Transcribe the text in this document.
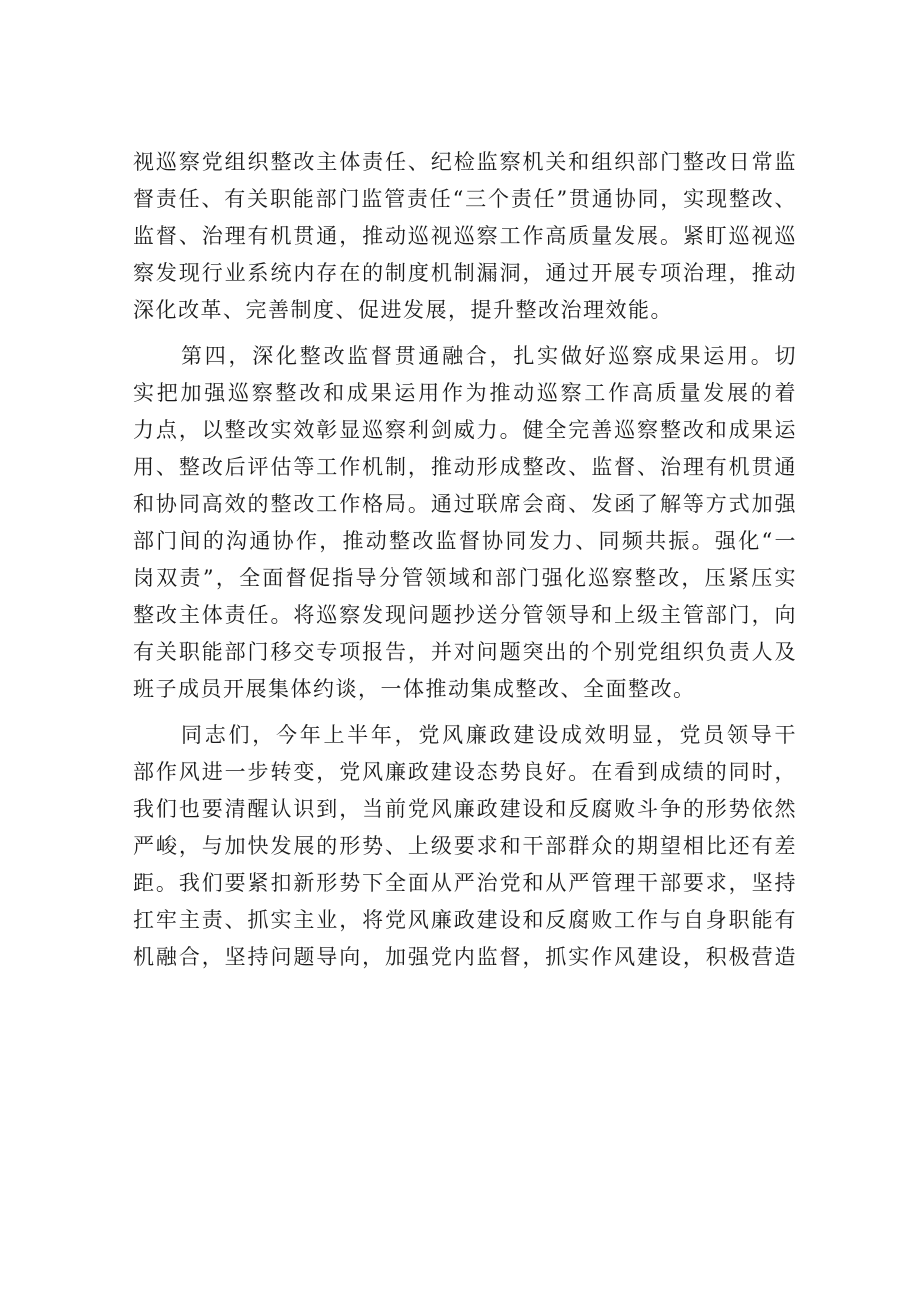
视巡察党组织整改主体责任、纪检监察机关和组织部门整改日常监
督责任、有关职能部门监管责任“三个责任”贯通协同，实现整改、
监督、治理有机贯通，推动巡视巡察工作高质量发展。紧盯巡视巡
察发现行业系统内存在的制度机制漏洞，通过开展专项治理，推动
深化改革、完善制度、促进发展，提升整改治理效能。
第四，深化整改监督贯通融合，扎实做好巡察成果运用。切
实把加强巡察整改和成果运用作为推动巡察工作高质量发展的着
力点，以整改实效彰显巡察利剑威力。健全完善巡察整改和成果运
用、整改后评估等工作机制，推动形成整改、监督、治理有机贯通
和协同高效的整改工作格局。通过联席会商、发函了解等方式加强
部门间的沟通协作，推动整改监督协同发力、同频共振。强化“一
岗双责”，全面督促指导分管领域和部门强化巡察整改，压紧压实
整改主体责任。将巡察发现问题抄送分管领导和上级主管部门，向
有关职能部门移交专项报告，并对问题突出的个别党组织负责人及
班子成员开展集体约谈，一体推动集成整改、全面整改。
同志们，今年上半年，党风廉政建设成效明显，党员领导干
部作风进一步转变，党风廉政建设态势良好。在看到成绩的同时，
我们也要清醒认识到，当前党风廉政建设和反腐败斗争的形势依然
严峻，与加快发展的形势、上级要求和干部群众的期望相比还有差
距。我们要紧扣新形势下全面从严治党和从严管理干部要求，坚持
扛牢主责、抓实主业，将党风廉政建设和反腐败工作与自身职能有
机融合，坚持问题导向，加强党内监督，抓实作风建设，积极营造
